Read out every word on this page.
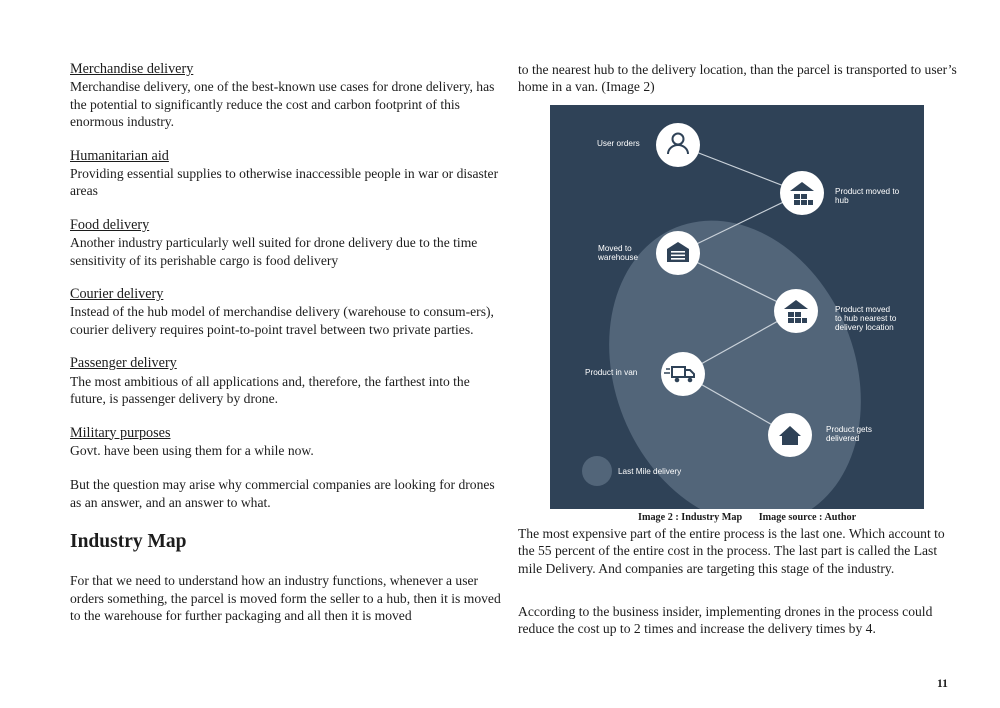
Merchandise delivery

Merchandise delivery, one of the best-known use cases for drone delivery, has the potential to significantly reduce the cost and carbon footprint of this enormous industry.

Humanitarian aid

Providing essential supplies to otherwise inaccessible people in war or disaster areas

Food delivery

Another industry particularly well suited for drone delivery due to the time sensitivity of its perishable cargo is food delivery

Courier delivery

Instead of the hub model of merchandise delivery (warehouse to consum-ers), courier delivery requires point-to-point travel between two private parties.

Passenger delivery

The most ambitious of all applications and, therefore, the farthest into the future, is passenger delivery by drone.

Military purposes

Govt. have been using them for a while now.

But the question may arise why commercial companies are looking for drones as an answer, and an answer to what.

Industry Map

For that we need to understand how an industry functions, whenever a user orders something, the parcel is moved form the seller to a hub, then it is moved to the warehouse for further packaging and all then it is moved

to the nearest hub to the delivery location, than the parcel is transported to user’s home in a van. (Image 2)

User orders
Product moved to hub
Moved to warehouse
Product moved to hub nearest to delivery location
Product in van
Product gets delivered
Last Mile delivery
Image 2 : Industry Map Image source : Author

The most expensive part of the entire process is the last one. Which account to the 55 percent of the entire cost in the process. The last part is called the Last mile Delivery. And companies are targeting this stage of the industry.

According to the business insider, implementing drones in the process could reduce the cost up to 2 times and increase the delivery times by 4.

11
